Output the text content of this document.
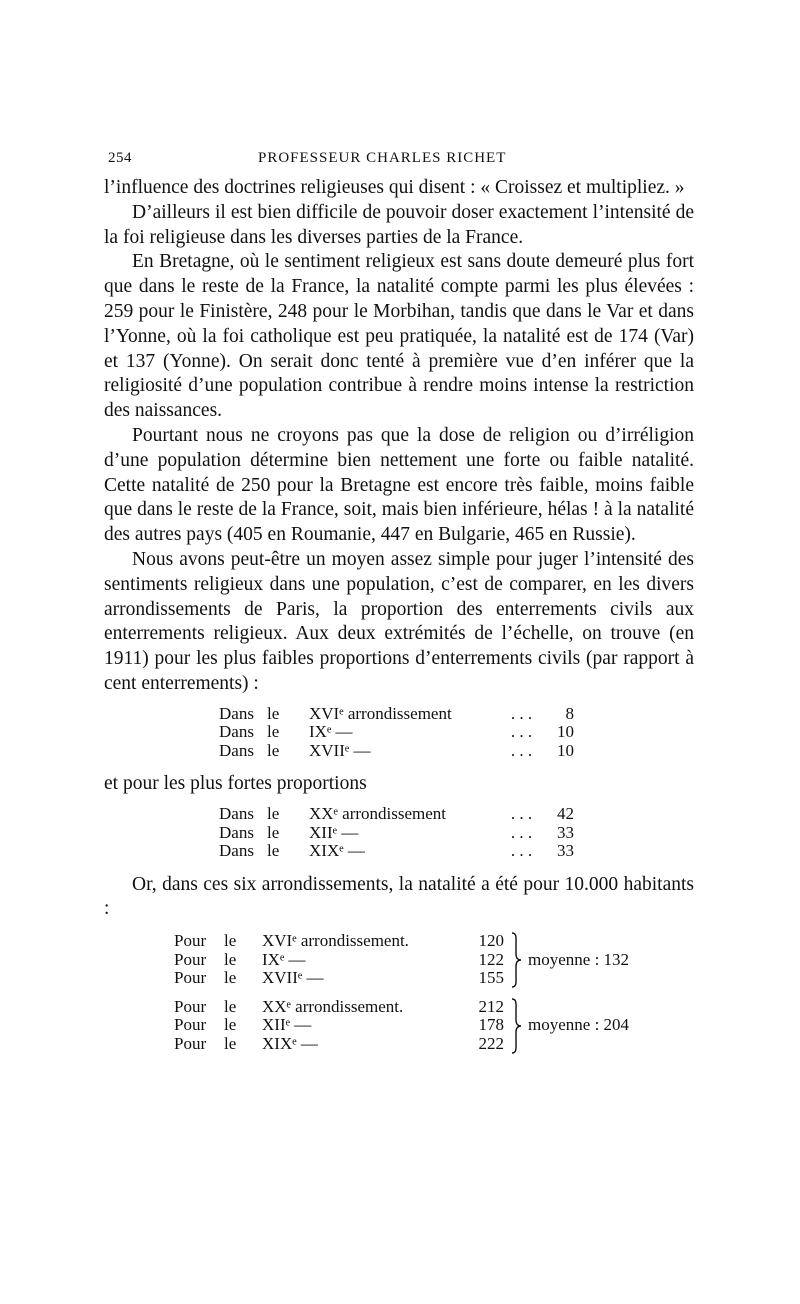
254	PROFESSEUR CHARLES RICHET

l’influence des doctrines religieuses qui disent : « Croissez et multipliez. »

D’ailleurs il est bien difficile de pouvoir doser exactement l’intensité de la foi religieuse dans les diverses parties de la France.

En Bretagne, où le sentiment religieux est sans doute demeuré plus fort que dans le reste de la France, la natalité compte parmi les plus élevées : 259 pour le Finistère, 248 pour le Morbihan, tandis que dans le Var et dans l’Yonne, où la foi catholique est peu pratiquée, la natalité est de 174 (Var) et 137 (Yonne). On serait donc tenté à première vue d’en inférer que la religiosité d’une population contribue à rendre moins intense la restriction des naissances.

Pourtant nous ne croyons pas que la dose de religion ou d’irréligion d’une population détermine bien nettement une forte ou faible natalité. Cette natalité de 250 pour la Bretagne est encore très faible, moins faible que dans le reste de la France, soit, mais bien inférieure, hélas ! à la natalité des autres pays (405 en Roumanie, 447 en Bulgarie, 465 en Russie).

Nous avons peut-être un moyen assez simple pour juger l’intensité des sentiments religieux dans une population, c’est de comparer, en les divers arrondissements de Paris, la proportion des enterrements civils aux enterrements religieux. Aux deux extrémités de l’échelle, on trouve (en 1911) pour les plus faibles proportions d’enterrements civils (par rapport à cent enterrements) :

Dans	le	XVIᵉ arrondissement	. . .	8
Dans	le	IXᵉ —	. . .	10
Dans	le	XVIIᵉ —	. . .	10

et pour les plus fortes proportions

Dans	le	XXᵉ arrondissement	. . .	42
Dans	le	XIIᵉ —	. . .	33
Dans	le	XIXᵉ —	. . .	33

Or, dans ces six arrondissements, la natalité a été pour 10.000 habitants :

Pour	le	XVIᵉ arrondissement.	120		moyenne : 132
Pour	le	IXᵉ —	122		
Pour	le	XVIIᵉ —	155		

Pour	le	XXᵉ arrondissement.	212		moyenne : 204
Pour	le	XIIᵉ —	178		
Pour	le	XIXᵉ —	222		
